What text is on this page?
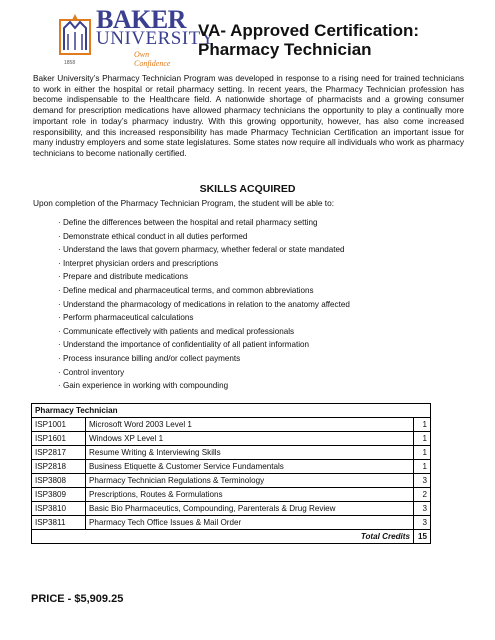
BAKER
UNIVERSITY
Own Confidence
1858
VA- Approved Certification:
Pharmacy Technician

Baker University’s Pharmacy Technician Program was developed in response to a rising need for trained technicians to work in either the hospital or retail pharmacy setting. In recent years, the Pharmacy Technician profession has become indispensable to the Healthcare field. A nationwide shortage of pharmacists and a growing consumer demand for prescription medications have allowed pharmacy technicians the opportunity to play a continually more important role in today’s pharmacy industry. With this growing opportunity, however, has also come increased responsibility, and this increased responsibility has made Pharmacy Technician Certification an important issue for many industry employers and some state legislatures. Some states now require all individuals who work as pharmacy technicians to become nationally certified.

SKILLS ACQUIRED
Upon completion of the Pharmacy Technician Program, the student will be able to:
· Define the differences between the hospital and retail pharmacy setting
· Demonstrate ethical conduct in all duties performed
· Understand the laws that govern pharmacy, whether federal or state mandated
· Interpret physician orders and prescriptions
· Prepare and distribute medications
· Define medical and pharmaceutical terms, and common abbreviations
· Understand the pharmacology of medications in relation to the anatomy affected
· Perform pharmaceutical calculations
· Communicate effectively with patients and medical professionals
· Understand the importance of confidentiality of all patient information
· Process insurance billing and/or collect payments
· Control inventory
· Gain experience in working with compounding
Pharmacy Technician		
ISP1001	Microsoft Word 2003 Level 1	1
ISP1601	Windows XP Level 1	1
ISP2817	Resume Writing & Interviewing Skills	1
ISP2818	Business Etiquette & Customer Service Fundamentals	1
ISP3808	Pharmacy Technician Regulations & Terminology	3
ISP3809	Prescriptions, Routes & Formulations	2
ISP3810	Basic Bio Pharmaceutics, Compounding, Parenterals & Drug Review	3
ISP3811	Pharmacy Tech Office Issues & Mail Order	3
Total Credits		15
PRICE - $5,909.25
